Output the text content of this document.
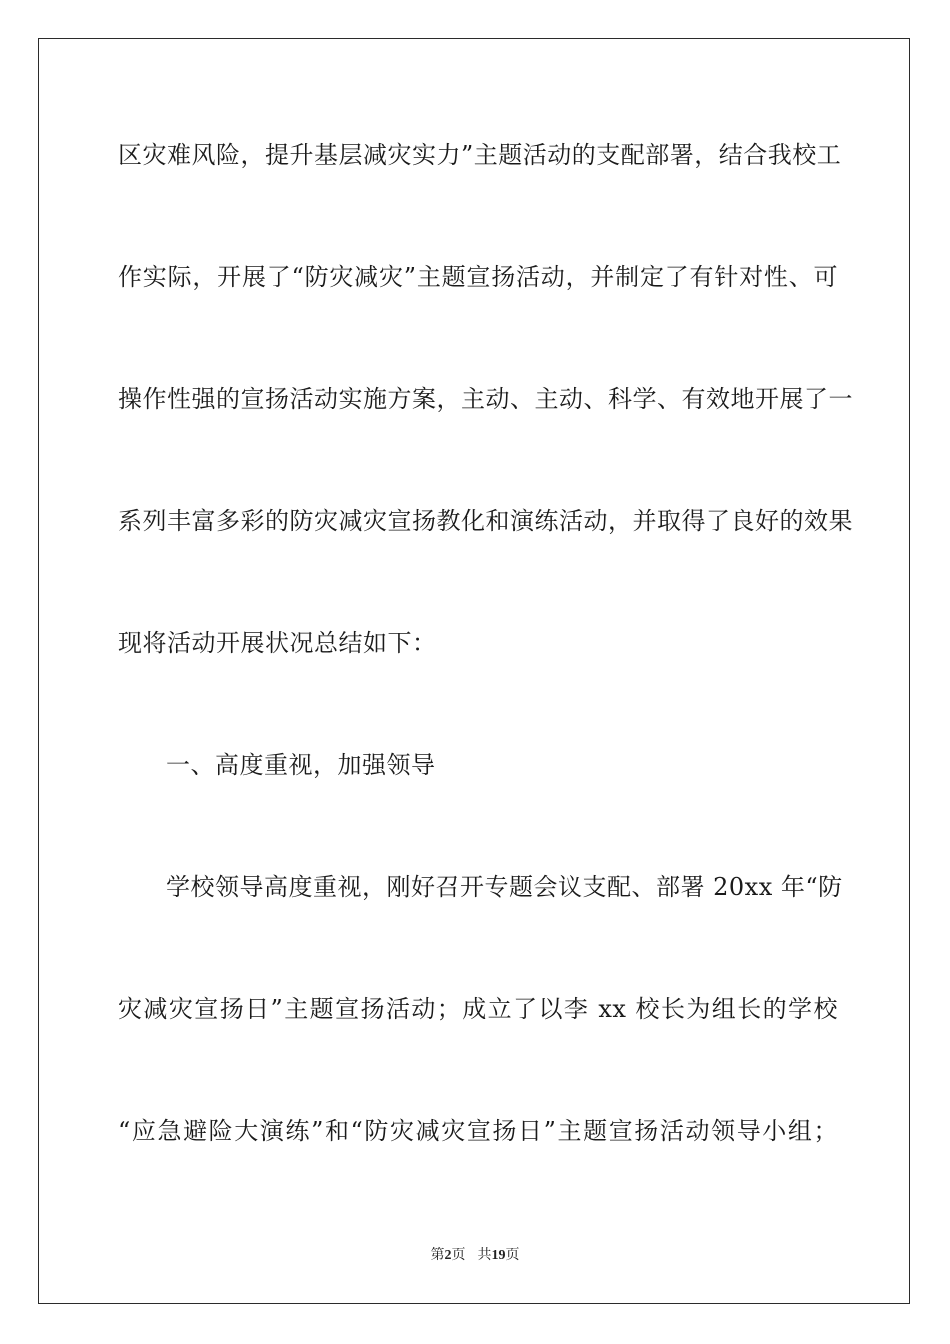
区灾难风险，提升基层减灾实力”主题活动的支配部署，结合我校工
作实际，开展了“防灾减灾”主题宣扬活动，并制定了有针对性、可
操作性强的宣扬活动实施方案，主动、主动、科学、有效地开展了一
系列丰富多彩的防灾减灾宣扬教化和演练活动，并取得了良好的效果
现将活动开展状况总结如下：
一、高度重视，加强领导
学校领导高度重视，刚好召开专题会议支配、部署 20xx 年“防
灾减灾宣扬日”主题宣扬活动；成立了以李 xx 校长为组长的学校
“应急避险大演练”和“防灾减灾宣扬日”主题宣扬活动领导小组；
第2页 共19页
